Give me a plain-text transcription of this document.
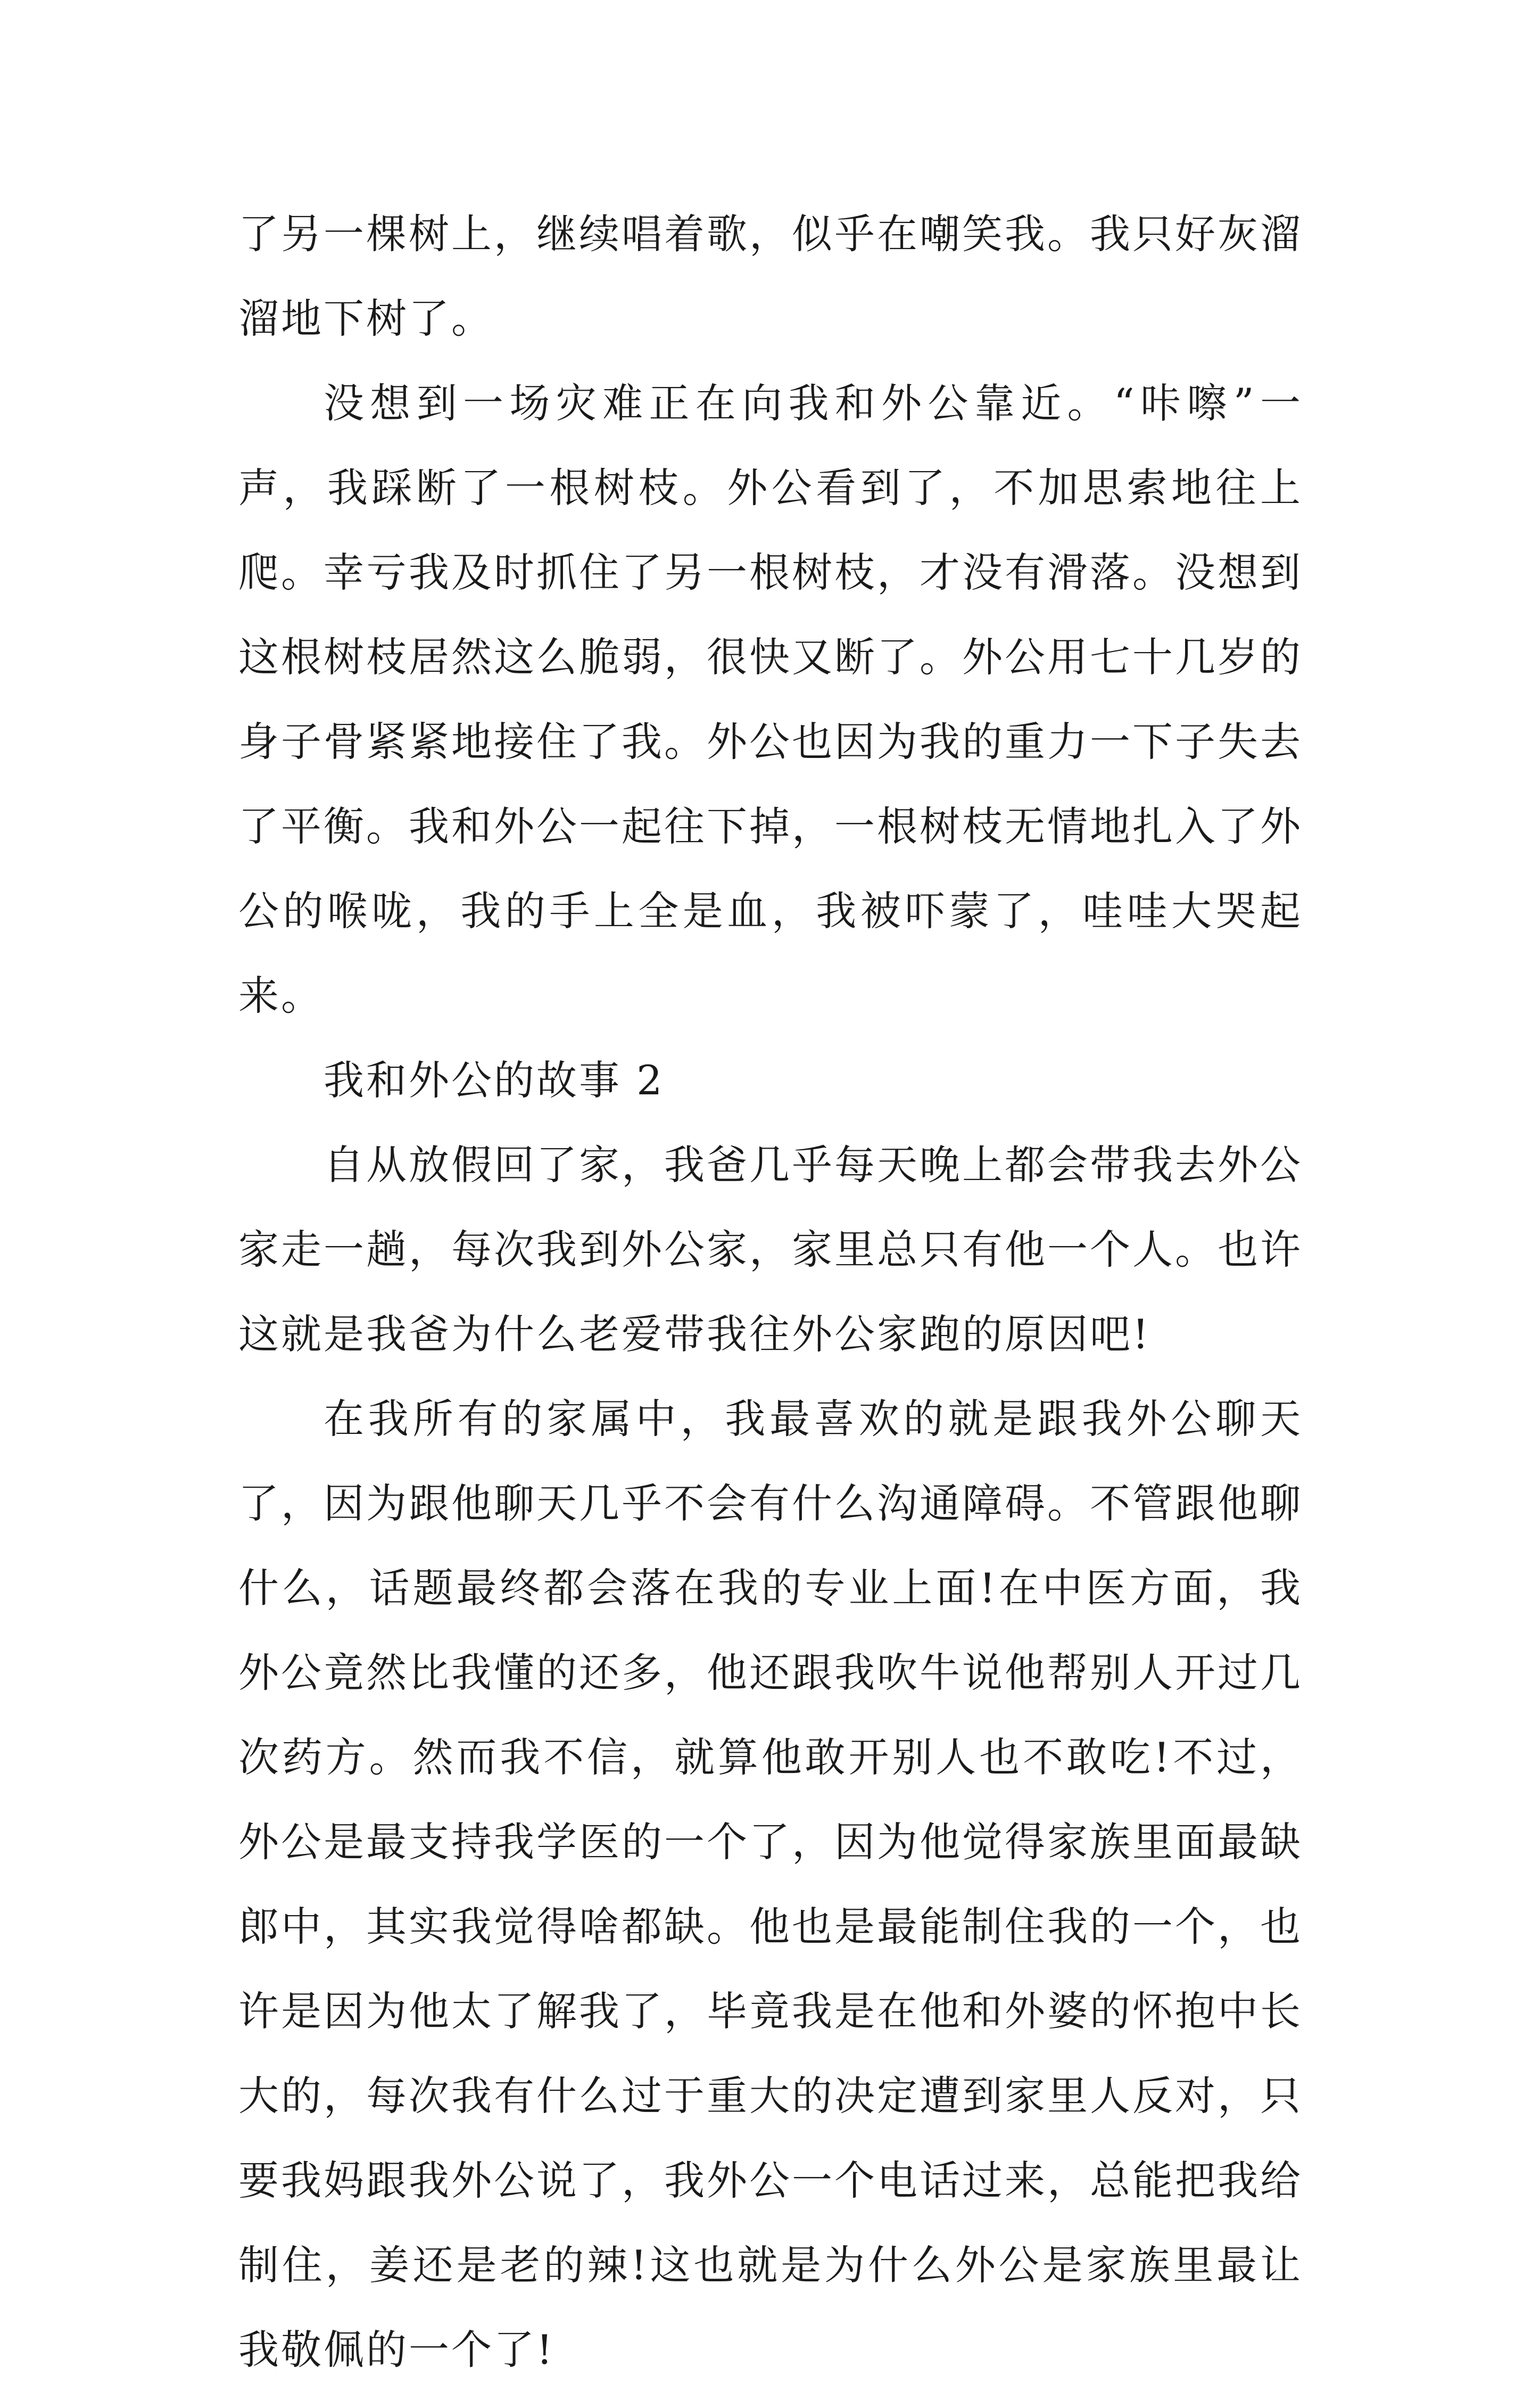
了另一棵树上，继续唱着歌，似乎在嘲笑我。我只好灰溜溜地下树了。

没想到一场灾难正在向我和外公靠近。“咔嚓”一声，我踩断了一根树枝。外公看到了，不加思索地往上爬。幸亏我及时抓住了另一根树枝，才没有滑落。没想到这根树枝居然这么脆弱，很快又断了。外公用七十几岁的身子骨紧紧地接住了我。外公也因为我的重力一下子失去了平衡。我和外公一起往下掉，一根树枝无情地扎入了外公的喉咙，我的手上全是血，我被吓蒙了，哇哇大哭起来。

我和外公的故事 2

自从放假回了家，我爸几乎每天晚上都会带我去外公家走一趟，每次我到外公家，家里总只有他一个人。也许这就是我爸为什么老爱带我往外公家跑的原因吧!

在我所有的家属中，我最喜欢的就是跟我外公聊天了，因为跟他聊天几乎不会有什么沟通障碍。不管跟他聊什么，话题最终都会落在我的专业上面!在中医方面，我外公竟然比我懂的还多，他还跟我吹牛说他帮别人开过几次药方。然而我不信，就算他敢开别人也不敢吃!不过，外公是最支持我学医的一个了，因为他觉得家族里面最缺郎中，其实我觉得啥都缺。他也是最能制住我的一个，也许是因为他太了解我了，毕竟我是在他和外婆的怀抱中长大的，每次我有什么过于重大的决定遭到家里人反对，只要我妈跟我外公说了，我外公一个电话过来，总能把我给制住，姜还是老的辣!这也就是为什么外公是家族里最让我敬佩的一个了!
